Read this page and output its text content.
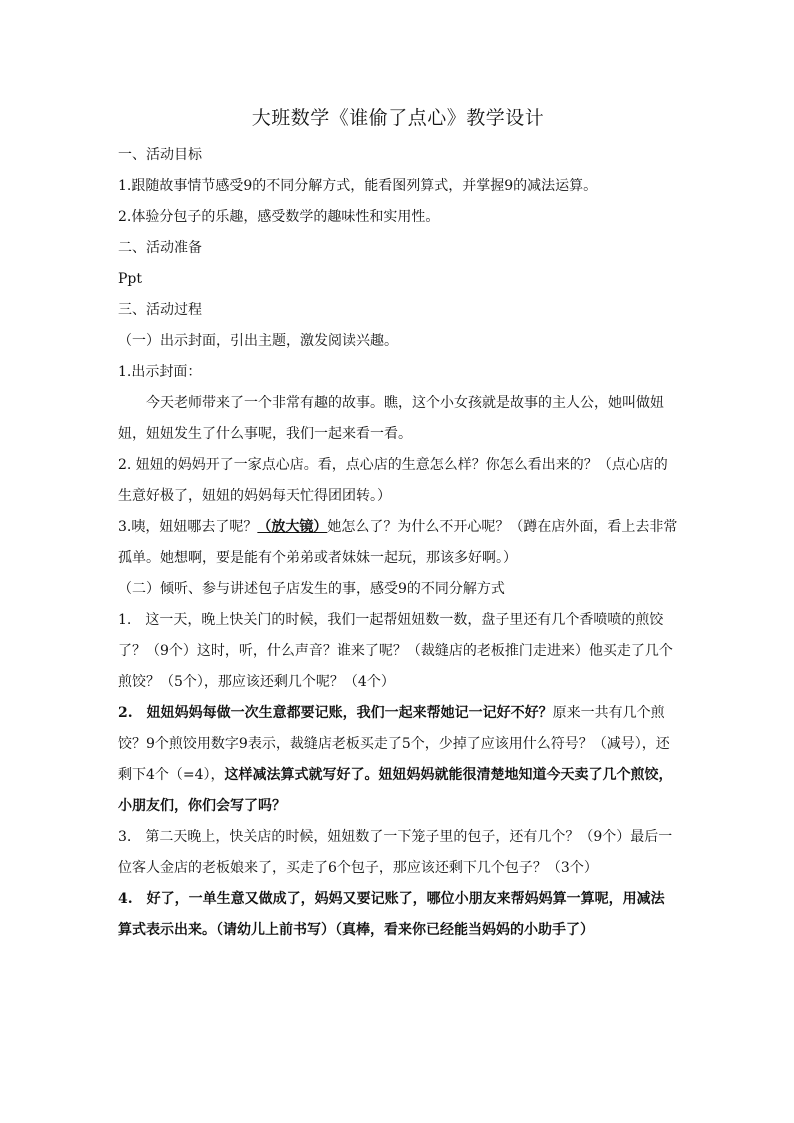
大班数学《谁偷了点心》教学设计

一、活动目标

1.跟随故事情节感受9的不同分解方式，能看图列算式，并掌握9的减法运算。

2.体验分包子的乐趣，感受数学的趣味性和实用性。

二、活动准备

Ppt

三、活动过程

（一）出示封面，引出主题，激发阅读兴趣。

1.出示封面：

今天老师带来了一个非常有趣的故事。瞧，这个小女孩就是故事的主人公，她叫做妞妞，妞妞发生了什么事呢，我们一起来看一看。

2. 妞妞的妈妈开了一家点心店。看，点心店的生意怎么样？你怎么看出来的？（点心店的生意好极了，妞妞的妈妈每天忙得团团转。）

3.咦，妞妞哪去了呢？（放大镜）她怎么了？为什么不开心呢？（蹲在店外面，看上去非常孤单。她想啊，要是能有个弟弟或者妹妹一起玩，那该多好啊。）

（二）倾听、参与讲述包子店发生的事，感受9的不同分解方式

1.　这一天，晚上快关门的时候，我们一起帮妞妞数一数，盘子里还有几个香喷喷的煎饺了？（9个）这时，听，什么声音？谁来了呢？（裁缝店的老板推门走进来）他买走了几个煎饺？（5个），那应该还剩几个呢？（4个）

2.　妞妞妈妈每做一次生意都要记账，我们一起来帮她记一记好不好？原来一共有几个煎饺？9个煎饺用数字9表示，裁缝店老板买走了5个，少掉了应该用什么符号？（减号），还剩下4个（=4），这样减法算式就写好了。妞妞妈妈就能很清楚地知道今天卖了几个煎饺，小朋友们，你们会写了吗？

3.　第二天晚上，快关店的时候，妞妞数了一下笼子里的包子，还有几个？（9个）最后一位客人金店的老板娘来了，买走了6个包子，那应该还剩下几个包子？（3个）

4.　好了，一单生意又做成了，妈妈又要记账了，哪位小朋友来帮妈妈算一算呢，用减法算式表示出来。（请幼儿上前书写）（真棒，看来你已经能当妈妈的小助手了）
